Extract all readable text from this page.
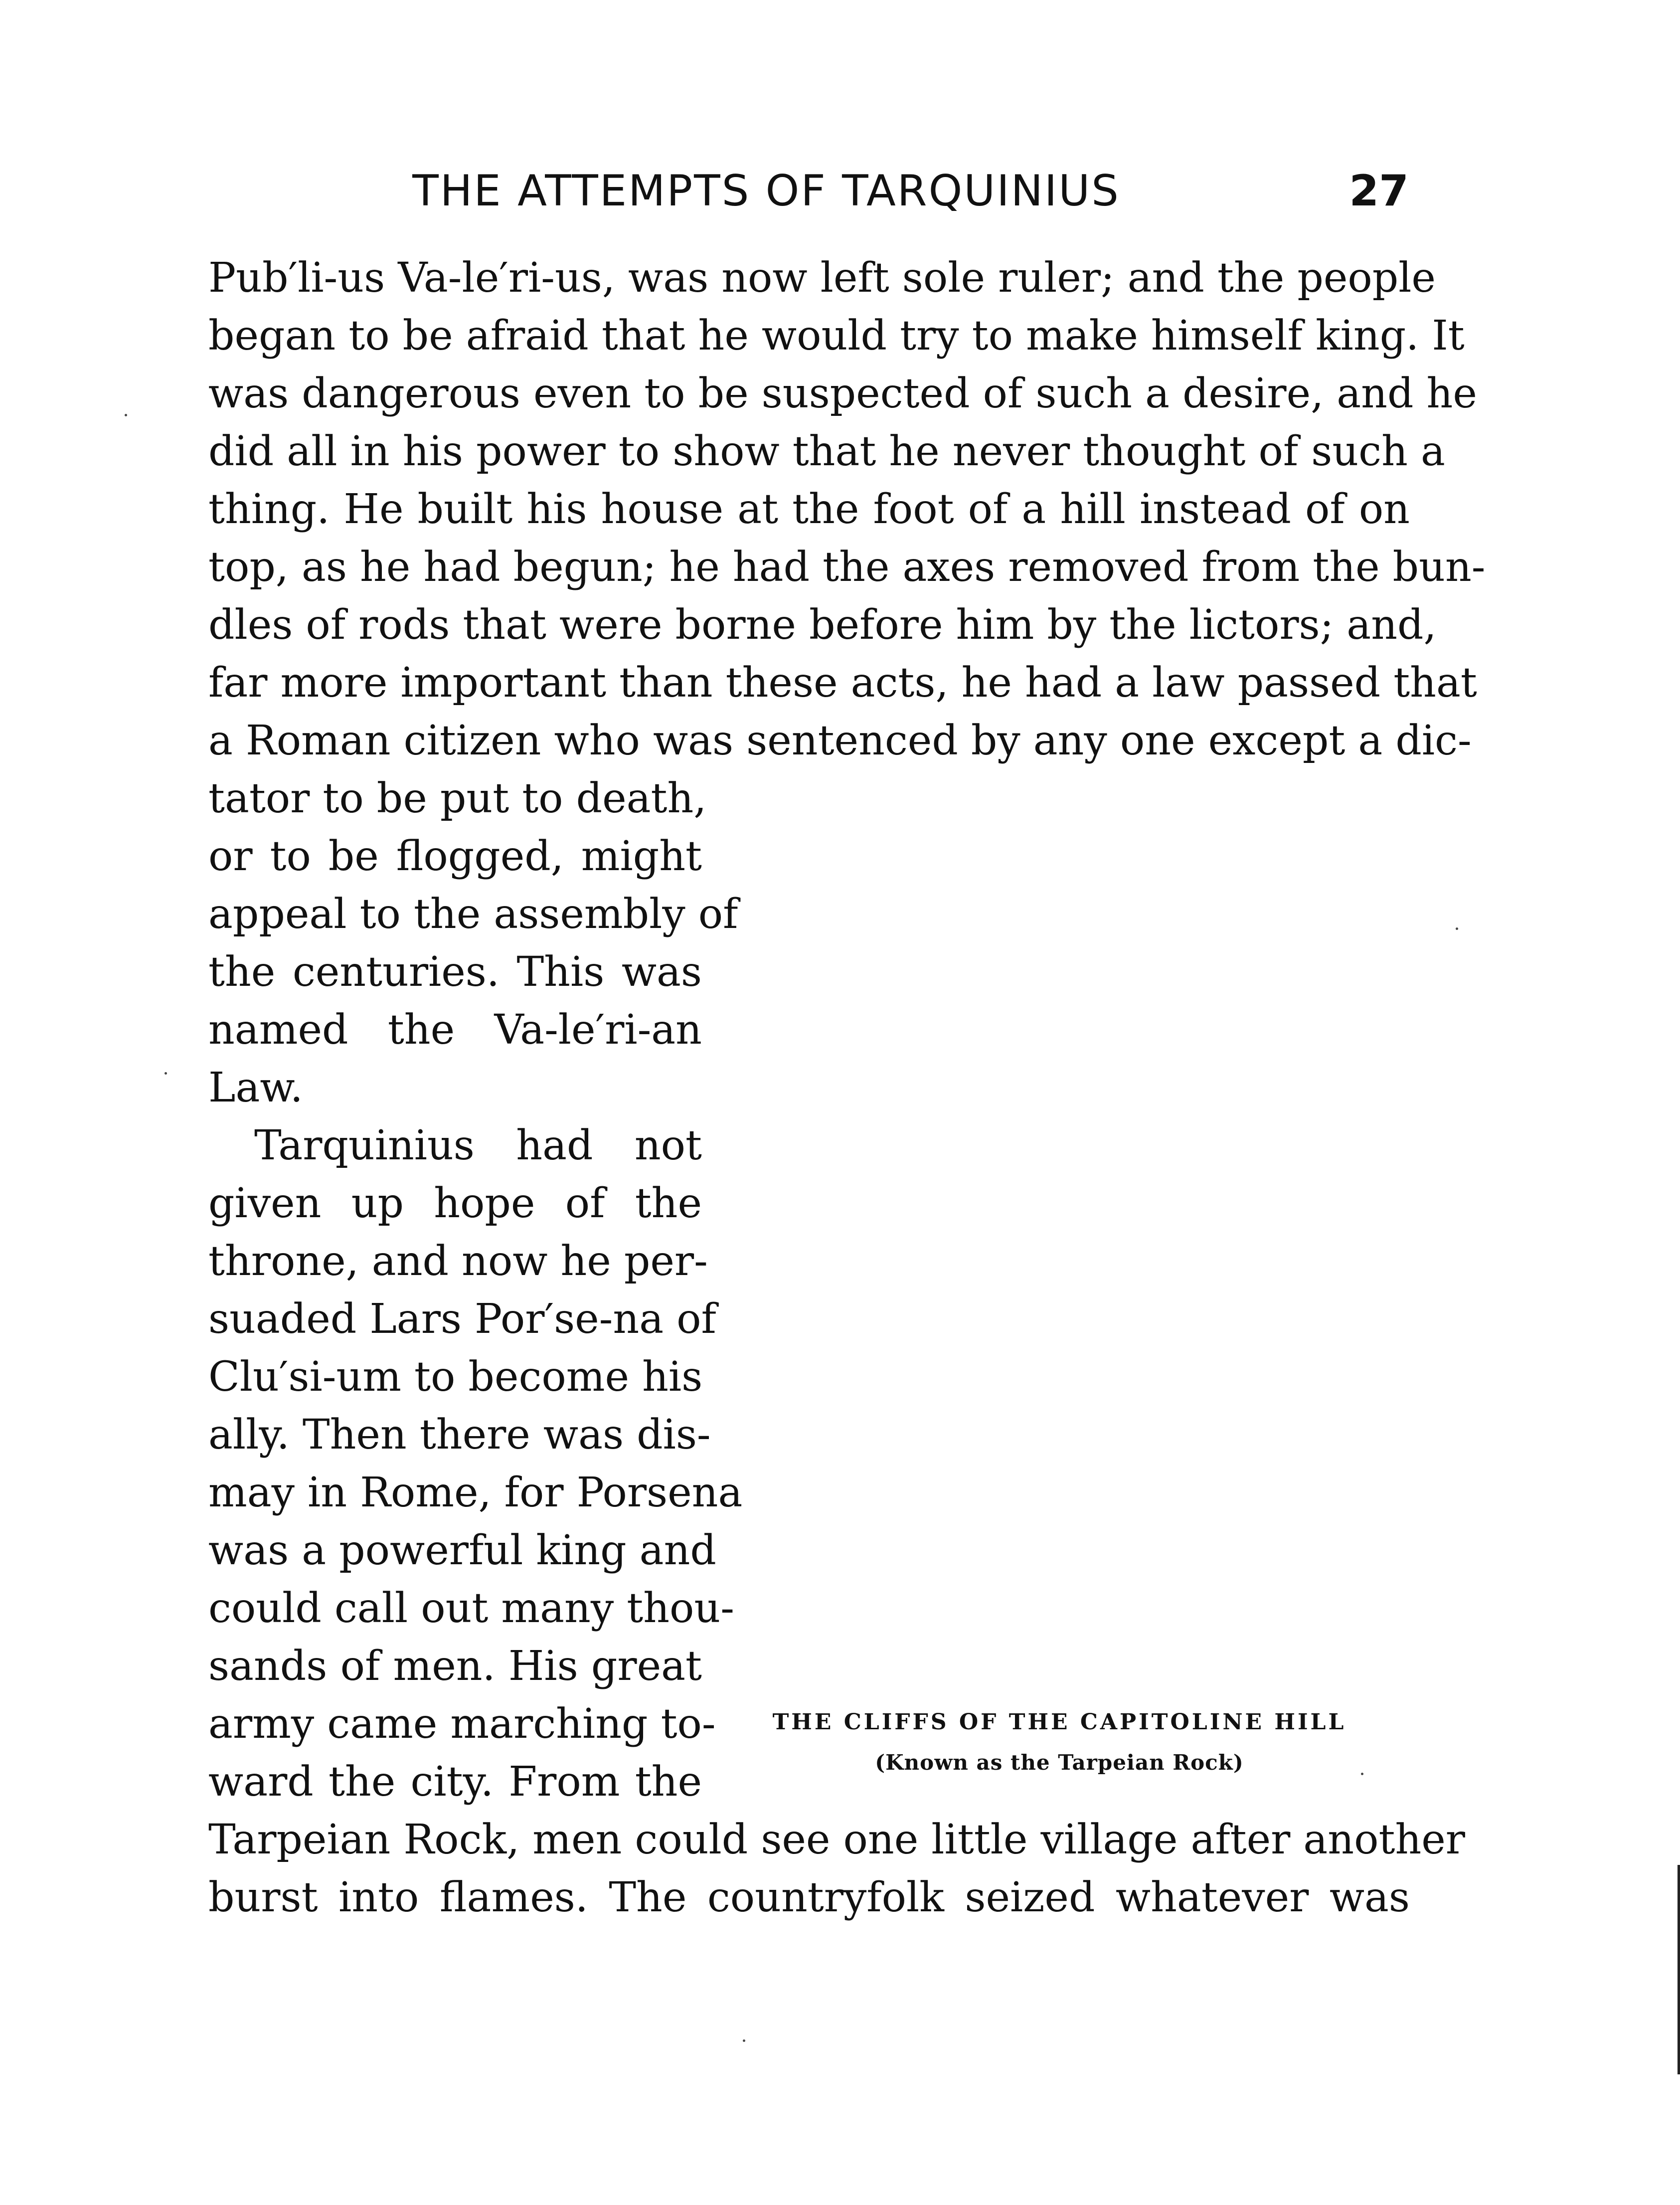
THE ATTEMPTS OF TARQUINIUS	27
Pub′li-us Va-le′ri-us, was now left sole ruler; and the people
began to be afraid that he would try to make himself king. It
was dangerous even to be suspected of such a desire, and he
did all in his power to show that he never thought of such a
thing. He built his house at the foot of a hill instead of on
top, as he had begun; he had the axes removed from the bun-
dles of rods that were borne before him by the lictors; and,
far more important than these acts, he had a law passed that
a Roman citizen who was sentenced by any one except a dic-
tator to be put to death,
or to be flogged, might
appeal to the assembly of
the centuries. This was
named the Va-le′ri-an
Law.
Tarquinius had not
given up hope of the
throne, and now he per-
suaded Lars Por′se-na of
Clu′si-um to become his
ally. Then there was dis-
may in Rome, for Porsena
was a powerful king and
could call out many thou-
sands of men. His great
army came marching to-
ward the city. From the
THE CLIFFS OF THE CAPITOLINE HILL
(Known as the Tarpeian Rock)
Tarpeian Rock, men could see one little village after another
burst into flames. The countryfolk seized whatever was
